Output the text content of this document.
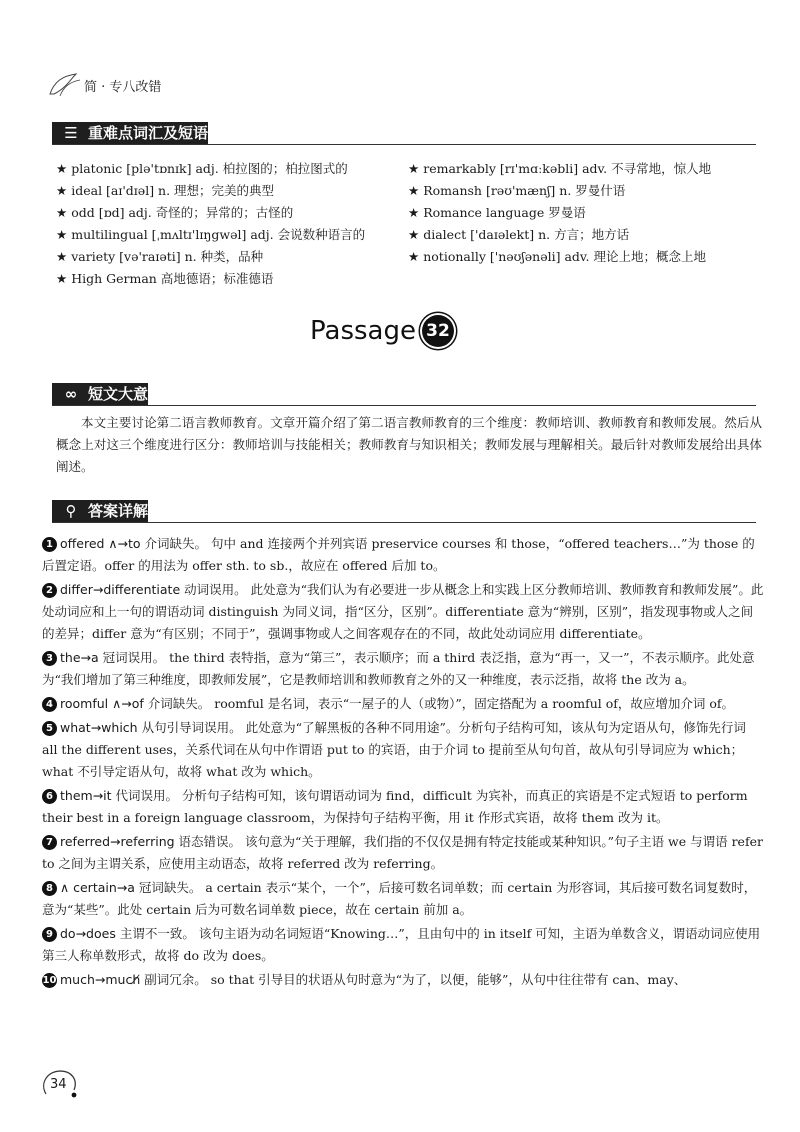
简 · 专八改错
☰ 重难点词汇及短语
★ platonic [plə'tɒnɪk] adj. 柏拉图的；柏拉图式的
★ ideal [aɪ'dɪəl] n. 理想；完美的典型
★ odd [ɒd] adj. 奇怪的；异常的；古怪的
★ multilingual [ˌmʌltɪ'lɪŋgwəl] adj. 会说数种语言的
★ variety [və'raɪəti] n. 种类，品种
★ High German 高地德语；标准德语
★ remarkably [rɪ'mɑːkəbli] adv. 不寻常地，惊人地
★ Romansh [rəʊ'mænʃ] n. 罗曼什语
★ Romance language 罗曼语
★ dialect ['daɪəlekt] n. 方言；地方话
★ notionally ['nəʊʃənəli] adv. 理论上地；概念上地
Passage 32
∞ 短文大意
本文主要讨论第二语言教师教育。文章开篇介绍了第二语言教师教育的三个维度：教师培训、教师教育和教师发展。然后从概念上对这三个维度进行区分：教师培训与技能相关；教师教育与知识相关；教师发展与理解相关。最后针对教师发展给出具体阐述。
⚲ 答案详解

1 offered ∧→to 介词缺失。 句中 and 连接两个并列宾语 preservice courses 和 those，“offered teachers…”为 those 的后置定语。offer 的用法为 offer sth. to sb.，故应在 offered 后加 to。

2 differ→differentiate 动词误用。 此处意为“我们认为有必要进一步从概念上和实践上区分教师培训、教师教育和教师发展”。此处动词应和上一句的谓语动词 distinguish 为同义词，指“区分，区别”。differentiate 意为“辨别，区别”，指发现事物或人之间的差异；differ 意为“有区别；不同于”，强调事物或人之间客观存在的不同，故此处动词应用 differentiate。

3 the→a 冠词误用。 the third 表特指，意为“第三”，表示顺序；而 a third 表泛指，意为“再一，又一”，不表示顺序。此处意为“我们增加了第三种维度，即教师发展”，它是教师培训和教师教育之外的又一种维度，表示泛指，故将 the 改为 a。

4 roomful ∧→of 介词缺失。 roomful 是名词，表示“一屋子的人（或物）”，固定搭配为 a roomful of，故应增加介词 of。

5 what→which 从句引导词误用。 此处意为“了解黑板的各种不同用途”。分析句子结构可知，该从句为定语从句，修饰先行词 all the different uses，关系代词在从句中作谓语 put to 的宾语，由于介词 to 提前至从句句首，故从句引导词应为 which；what 不引导定语从句，故将 what 改为 which。

6 them→it 代词误用。 分析句子结构可知，该句谓语动词为 find，difficult 为宾补，而真正的宾语是不定式短语 to perform their best in a foreign language classroom，为保持句子结构平衡，用 it 作形式宾语，故将 them 改为 it。

7 referred→referring 语态错误。 该句意为“关于理解，我们指的不仅仅是拥有特定技能或某种知识。”句子主语 we 与谓语 refer to 之间为主谓关系，应使用主动语态，故将 referred 改为 referring。

8 ∧ certain→a 冠词缺失。 a certain 表示“某个，一个”，后接可数名词单数；而 certain 为形容词，其后接可数名词复数时，意为“某些”。此处 certain 后为可数名词单数 piece，故在 certain 前加 a。

9 do→does 主谓不一致。 该句主语为动名词短语“Knowing…”，且由句中的 in itself 可知，主语为单数含义，谓语动词应使用第三人称单数形式，故将 do 改为 does。

10 much→much̸ 副词冗余。 so that 引导目的状语从句时意为“为了，以便，能够”，从句中往往带有 can、may、

34
